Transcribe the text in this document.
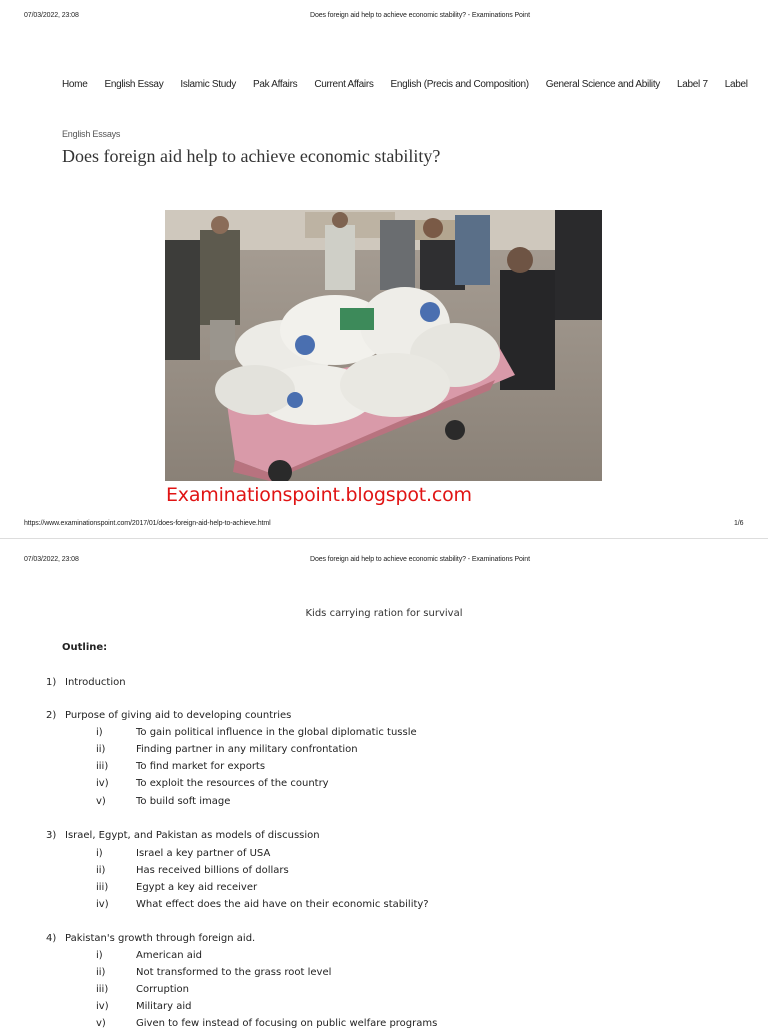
07/03/2022, 23:08	Does foreign aid help to achieve economic stability? - Examinations Point
Home English Essay Islamic Study Pak Affairs Current Affairs English (Precis and Composition) General Science and Ability Label 7 Label
English Essays
Does foreign aid help to achieve economic stability?
Examinationspoint.blogspot.com
https://www.examinationspoint.com/2017/01/does-foreign-aid-help-to-achieve.html	1/6
07/03/2022, 23:08	Does foreign aid help to achieve economic stability? - Examinations Point
Kids carrying ration for survival
Outline:
1) Introduction
2) Purpose of giving aid to developing countries
i)	To gain political influence in the global diplomatic tussle
ii)	Finding partner in any military confrontation
iii)	To find market for exports
iv)	To exploit the resources of the country
v)	To build soft image
3) Israel, Egypt, and Pakistan as models of discussion
i)	Israel a key partner of USA
ii)	Has received billions of dollars
iii)	Egypt a key aid receiver
iv)	What effect does the aid have on their economic stability?
4) Pakistan's growth through foreign aid.
i)	American aid
ii)	Not transformed to the grass root level
iii)	Corruption
iv)	Military aid
v)	Given to few instead of focusing on public welfare programs
